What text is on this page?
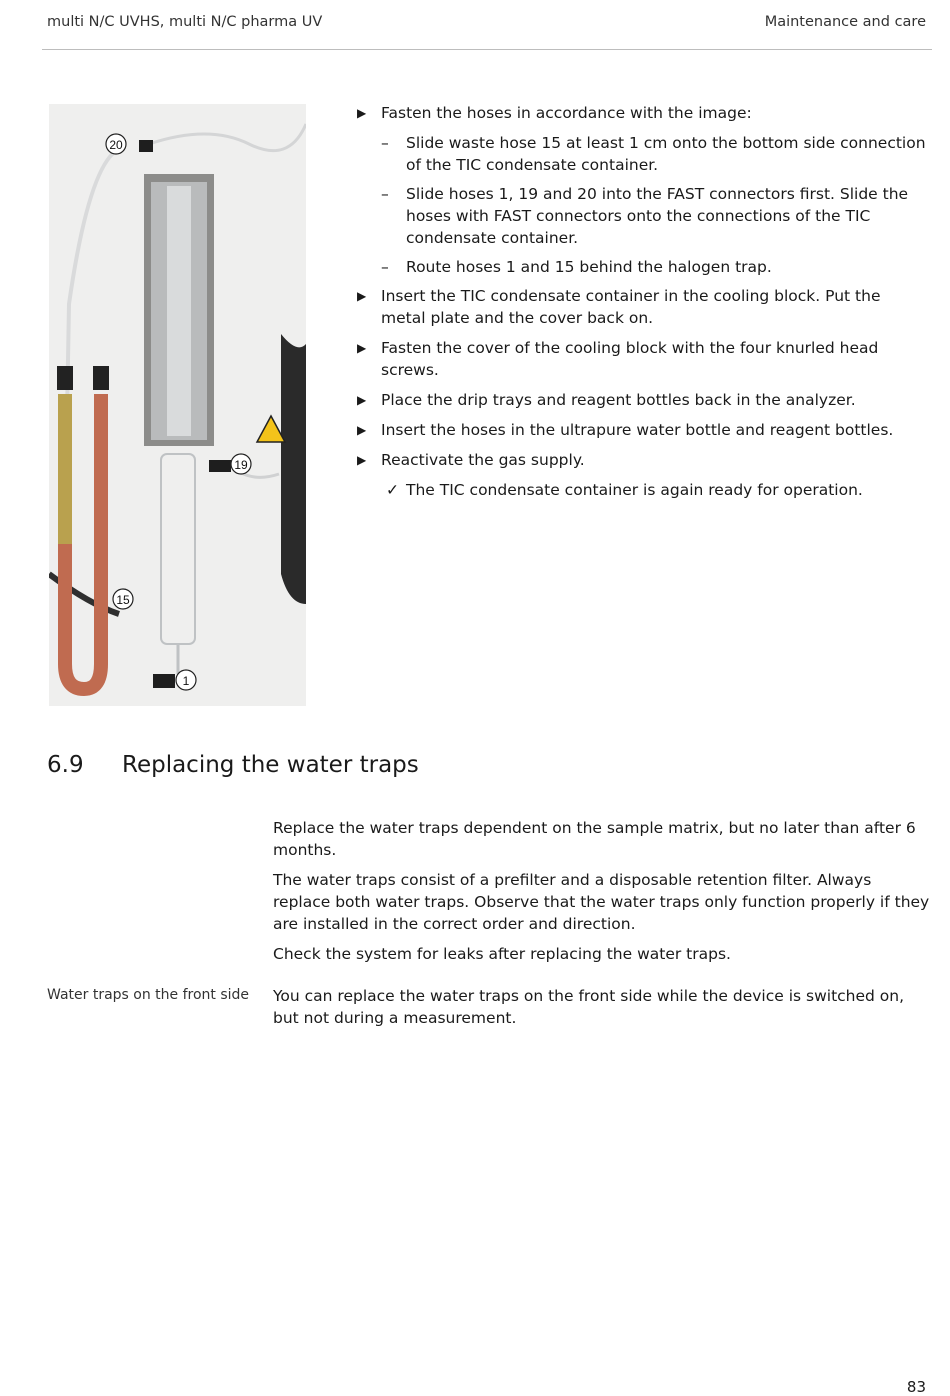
multi N/C UVHS, multi N/C pharma UV	Maintenance and care
20
19
15
1
▶ Fasten the hoses in accordance with the image:
– Slide waste hose 15 at least 1 cm onto the bottom side connection of the TIC condensate container.
– Slide hoses 1, 19 and 20 into the FAST connectors first. Slide the hoses with FAST connectors onto the connections of the TIC condensate container.
– Route hoses 1 and 15 behind the halogen trap.
▶ Insert the TIC condensate container in the cooling block. Put the metal plate and the cover back on.
▶ Fasten the cover of the cooling block with the four knurled head screws.
▶ Place the drip trays and reagent bottles back in the analyzer.
▶ Insert the hoses in the ultrapure water bottle and reagent bottles.
▶ Reactivate the gas supply.
✓ The TIC condensate container is again ready for operation.
6.9 Replacing the water traps

Replace the water traps dependent on the sample matrix, but no later than after 6 months.

The water traps consist of a prefilter and a disposable retention filter. Always replace both water traps. Observe that the water traps only function properly if they are installed in the correct order and direction.

Check the system for leaks after replacing the water traps.

Water traps on the front side You can replace the water traps on the front side while the device is switched on, but not during a measurement.

83
